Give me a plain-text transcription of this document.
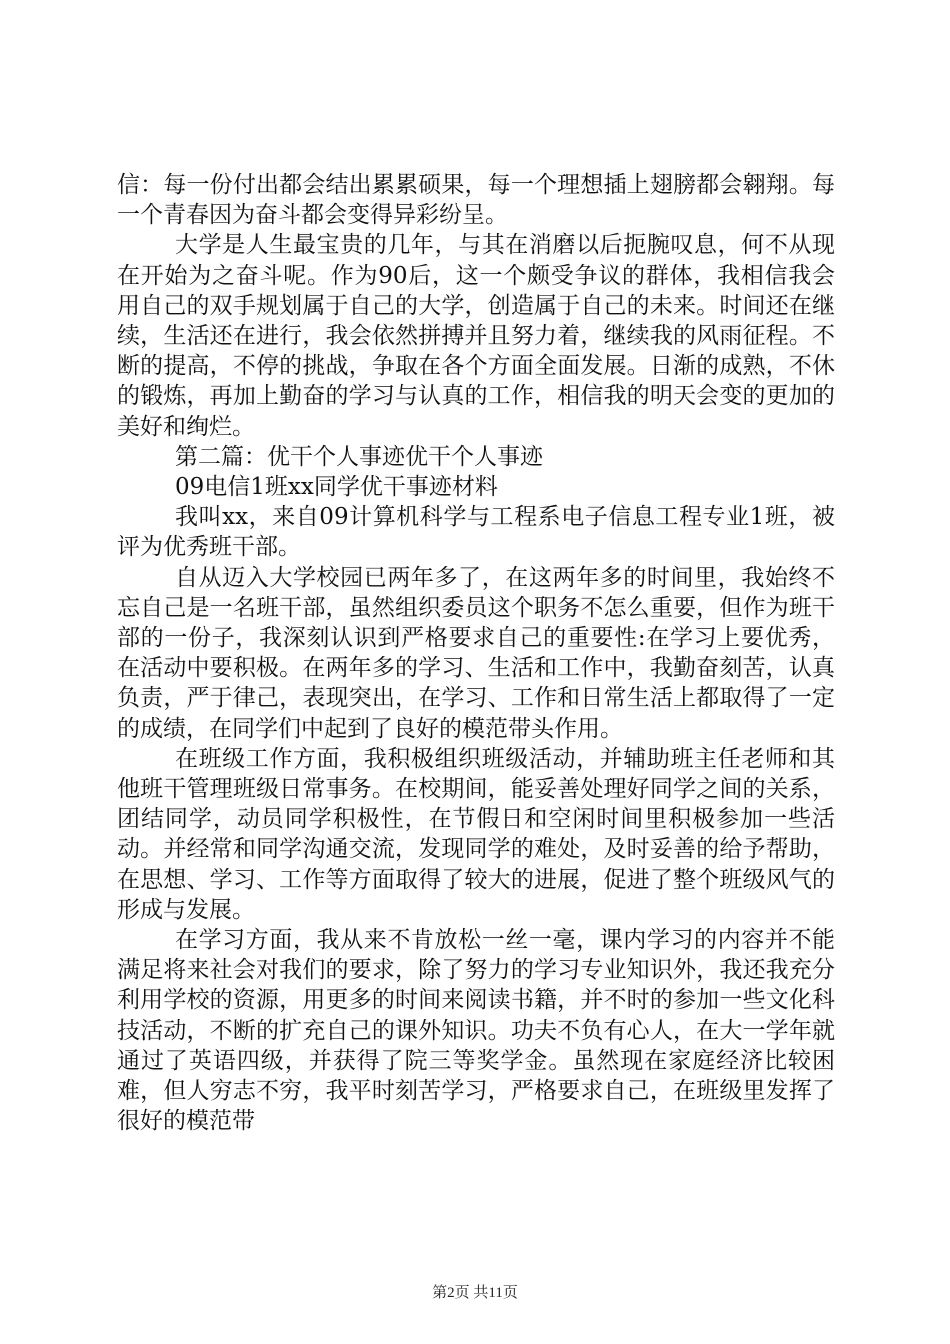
信：每一份付出都会结出累累硕果，每一个理想插上翅膀都会翱翔。每一个青春因为奋斗都会变得异彩纷呈。

大学是人生最宝贵的几年，与其在消磨以后扼腕叹息，何不从现在开始为之奋斗呢。作为90后，这一个颇受争议的群体，我相信我会用自己的双手规划属于自己的大学，创造属于自己的未来。时间还在继续，生活还在进行，我会依然拼搏并且努力着，继续我的风雨征程。不断的提高，不停的挑战，争取在各个方面全面发展。日渐的成熟，不休的锻炼，再加上勤奋的学习与认真的工作，相信我的明天会变的更加的美好和绚烂。

第二篇：优干个人事迹优干个人事迹

09电信1班xx同学优干事迹材料

我叫xx，来自09计算机科学与工程系电子信息工程专业1班，被评为优秀班干部。

自从迈入大学校园已两年多了，在这两年多的时间里，我始终不忘自己是一名班干部，虽然组织委员这个职务不怎么重要，但作为班干部的一份子，我深刻认识到严格要求自己的重要性:在学习上要优秀，在活动中要积极。在两年多的学习、生活和工作中，我勤奋刻苦，认真负责，严于律己，表现突出，在学习、工作和日常生活上都取得了一定的成绩，在同学们中起到了良好的模范带头作用。

在班级工作方面，我积极组织班级活动，并辅助班主任老师和其他班干管理班级日常事务。在校期间，能妥善处理好同学之间的关系，团结同学，动员同学积极性，在节假日和空闲时间里积极参加一些活动。并经常和同学沟通交流，发现同学的难处，及时妥善的给予帮助，在思想、学习、工作等方面取得了较大的进展，促进了整个班级风气的形成与发展。

在学习方面，我从来不肯放松一丝一毫，课内学习的内容并不能满足将来社会对我们的要求，除了努力的学习专业知识外，我还我充分利用学校的资源，用更多的时间来阅读书籍，并不时的参加一些文化科技活动，不断的扩充自己的课外知识。功夫不负有心人，在大一学年就通过了英语四级，并获得了院三等奖学金。虽然现在家庭经济比较困难，但人穷志不穷，我平时刻苦学习，严格要求自己，在班级里发挥了很好的模范带

第2页 共11页
